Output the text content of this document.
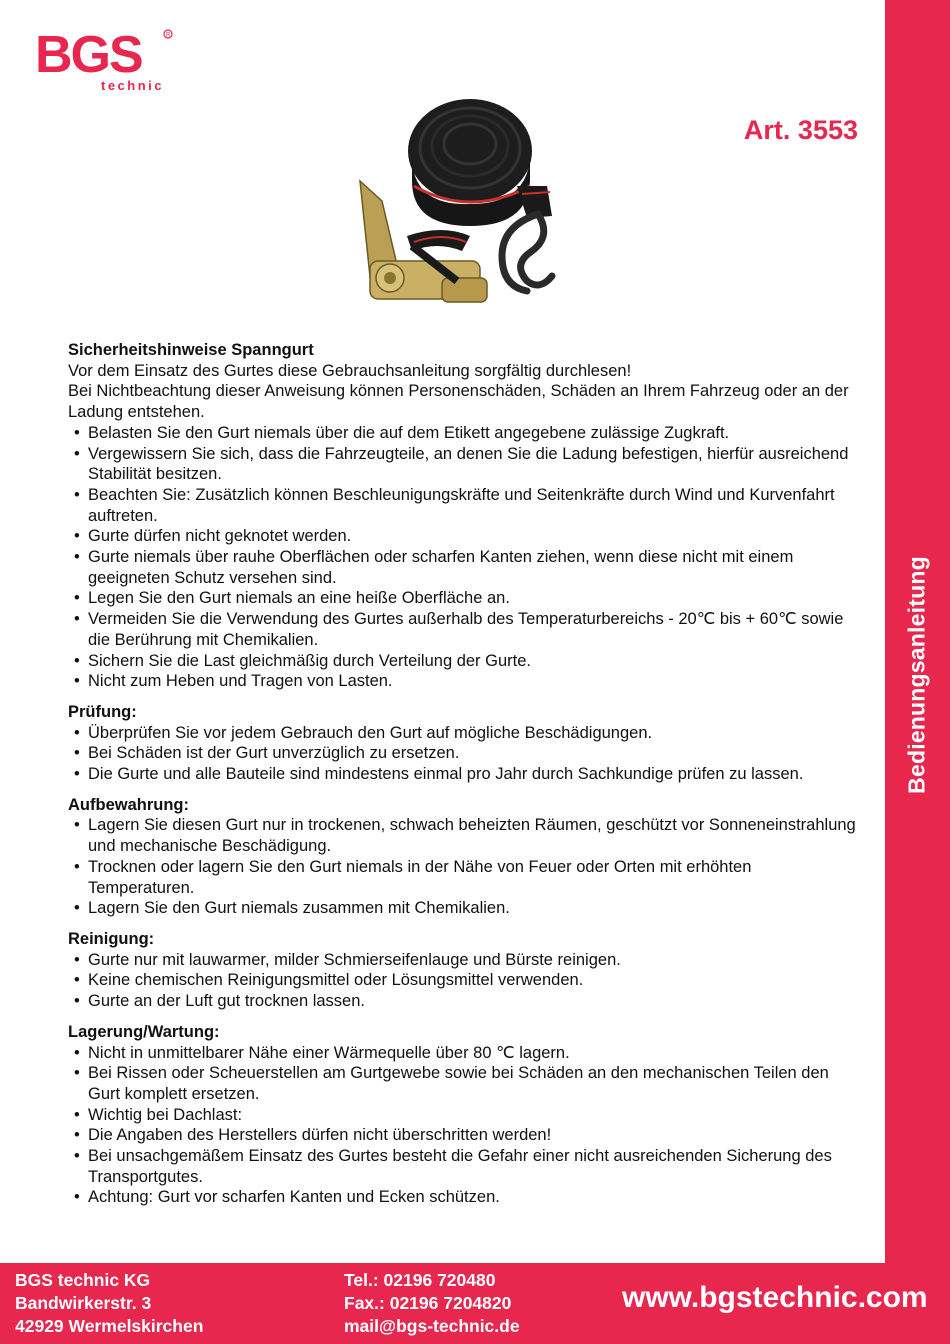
BGS	R
technic
Art. 3553

Sicherheitshinweise Spanngurt

Vor dem Einsatz des Gurtes diese Gebrauchsanleitung sorgfältig durchlesen!

Bei Nichtbeachtung dieser Anweisung können Personenschäden, Schäden an Ihrem Fahrzeug oder an der Ladung entstehen.

• Belasten Sie den Gurt niemals über die auf dem Etikett angegebene zulässige Zugkraft.
• Vergewissern Sie sich, dass die Fahrzeugteile, an denen Sie die Ladung befestigen, hierfür ausreichend Stabilität besitzen.
• Beachten Sie: Zusätzlich können Beschleunigungskräfte und Seitenkräfte durch Wind und Kurvenfahrt auftreten.
• Gurte dürfen nicht geknotet werden.
• Gurte niemals über rauhe Oberflächen oder scharfen Kanten ziehen, wenn diese nicht mit einem geeigneten Schutz versehen sind.
• Legen Sie den Gurt niemals an eine heiße Oberfläche an.
• Vermeiden Sie die Verwendung des Gurtes außerhalb des Temperaturbereichs - 20℃ bis + 60℃ sowie die Berührung mit Chemikalien.
• Sichern Sie die Last gleichmäßig durch Verteilung der Gurte.
• Nicht zum Heben und Tragen von Lasten.

Prüfung:

• Überprüfen Sie vor jedem Gebrauch den Gurt auf mögliche Beschädigungen.
• Bei Schäden ist der Gurt unverzüglich zu ersetzen.
• Die Gurte und alle Bauteile sind mindestens einmal pro Jahr durch Sachkundige prüfen zu lassen.

Aufbewahrung:

• Lagern Sie diesen Gurt nur in trockenen, schwach beheizten Räumen, geschützt vor Sonneneinstrahlung und mechanische Beschädigung.
• Trocknen oder lagern Sie den Gurt niemals in der Nähe von Feuer oder Orten mit erhöhten Temperaturen.
• Lagern Sie den Gurt niemals zusammen mit Chemikalien.

Reinigung:

• Gurte nur mit lauwarmer, milder Schmierseifenlauge und Bürste reinigen.
• Keine chemischen Reinigungsmittel oder Lösungsmittel verwenden.
• Gurte an der Luft gut trocknen lassen.

Lagerung/Wartung:

• Nicht in unmittelbarer Nähe einer Wärmequelle über 80 ℃ lagern.
• Bei Rissen oder Scheuerstellen am Gurtgewebe sowie bei Schäden an den mechanischen Teilen den Gurt komplett ersetzen.
• Wichtig bei Dachlast:
• Die Angaben des Herstellers dürfen nicht überschritten werden!
• Bei unsachgemäßem Einsatz des Gurtes besteht die Gefahr einer nicht ausreichenden Sicherung des Transportgutes.
• Achtung: Gurt vor scharfen Kanten und Ecken schützen.
Bedienungsanleitung
BGS technic KG
Bandwirkerstr. 3
42929 Wermelskirchen
Tel.: 02196 720480
Fax.: 02196 7204820
mail@bgs-technic.de
www.bgstechnic.com
